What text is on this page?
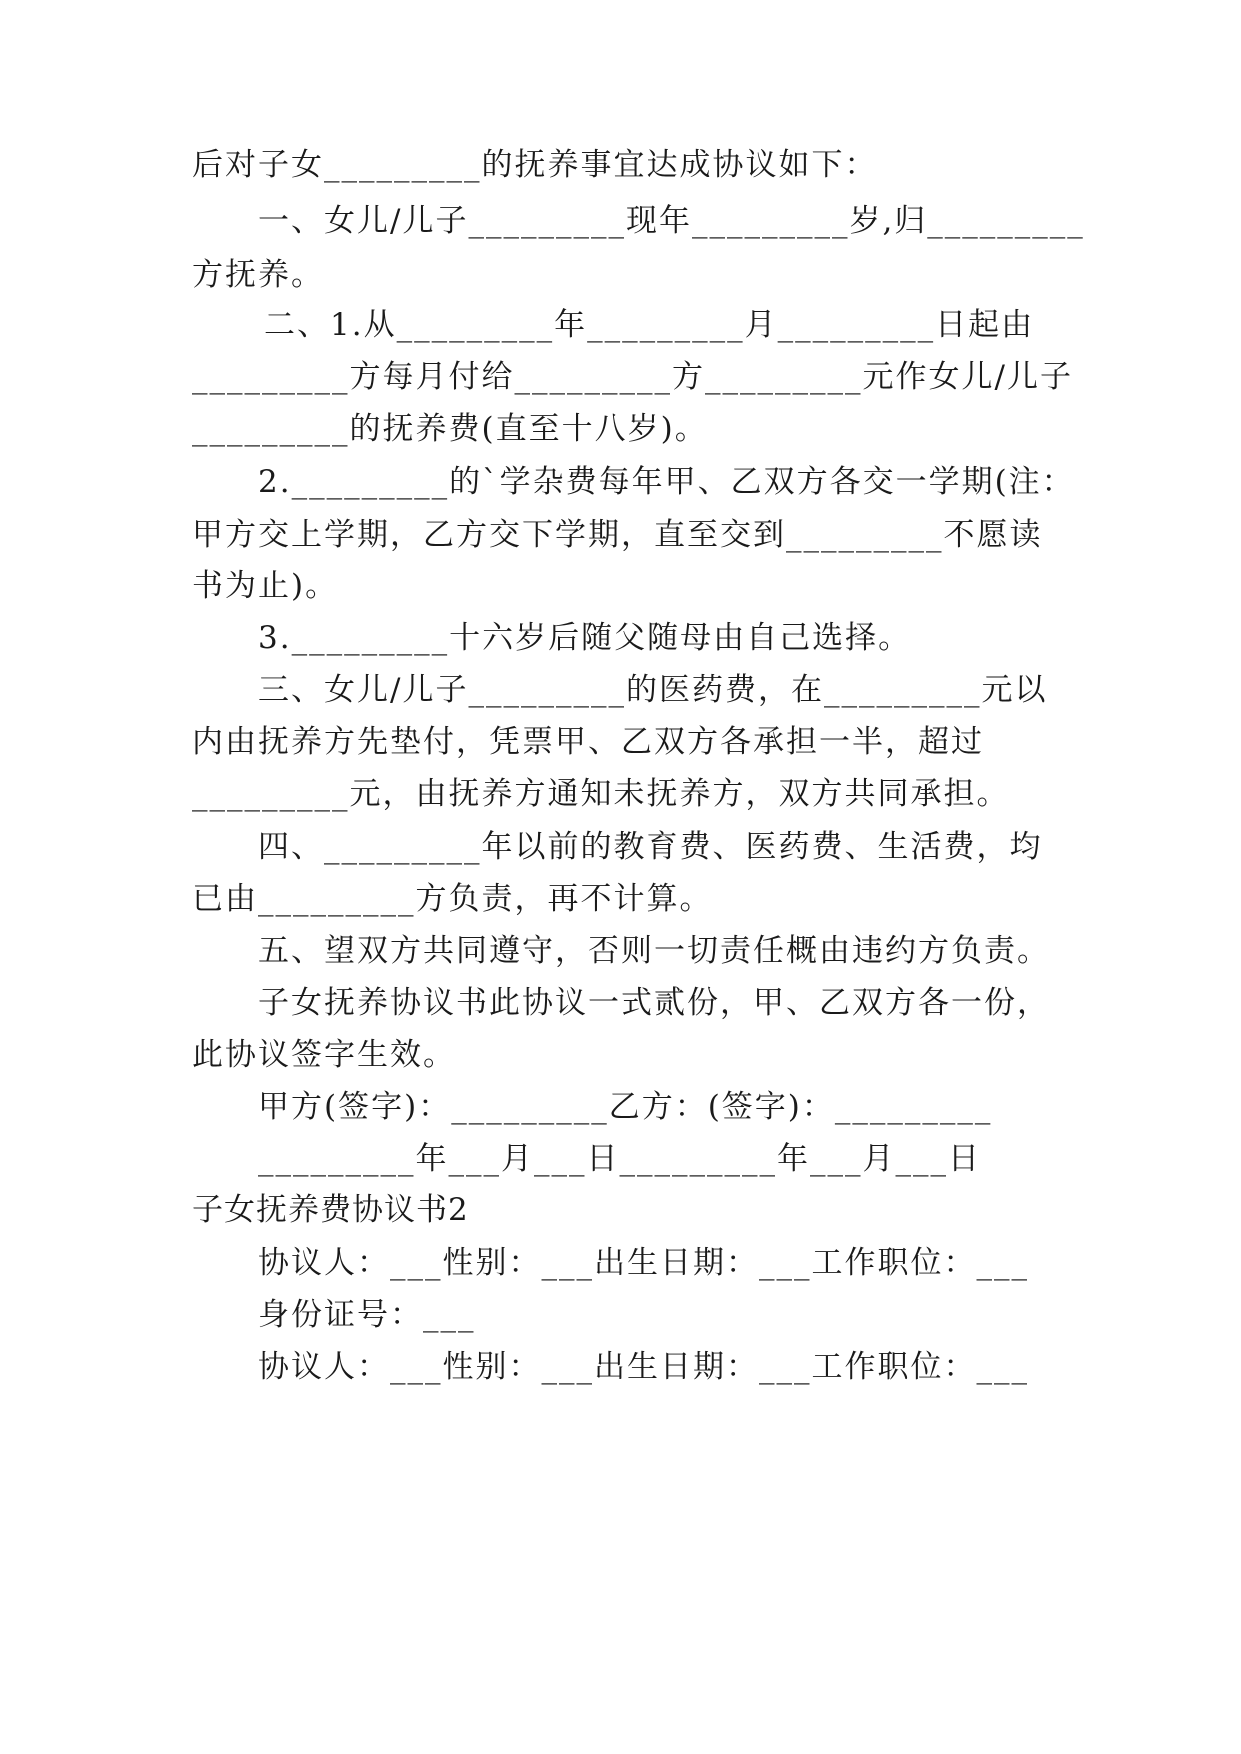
后对子女_________的抚养事宜达成协议如下：
一、女儿/儿子_________现年_________岁,归_________
方抚养。
二、1.从_________年_________月_________日起由
_________方每月付给_________方_________元作女儿/儿子
_________的抚养费(直至十八岁)。
2._________的`学杂费每年甲、乙双方各交一学期(注：
甲方交上学期，乙方交下学期，直至交到_________不愿读
书为止)。
3._________十六岁后随父随母由自己选择。
三、女儿/儿子_________的医药费，在_________元以
内由抚养方先垫付，凭票甲、乙双方各承担一半，超过
_________元，由抚养方通知未抚养方，双方共同承担。
四、_________年以前的教育费、医药费、生活费，均
已由_________方负责，再不计算。
五、望双方共同遵守，否则一切责任概由违约方负责。
子女抚养协议书此协议一式贰份，甲、乙双方各一份，
此协议签字生效。
甲方(签字)：_________乙方：(签字)：_________
_________年___月___日_________年___月___日
子女抚养费协议书2
协议人：___性别：___出生日期：___工作职位：___
身份证号：___
协议人：___性别：___出生日期：___工作职位：___
